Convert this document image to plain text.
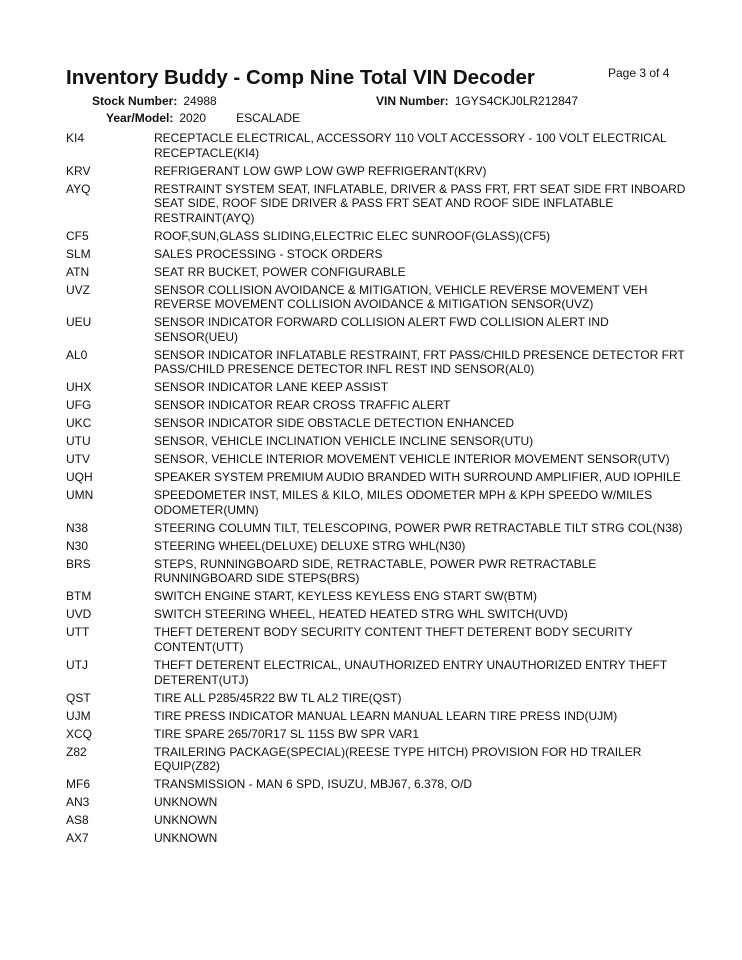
Inventory Buddy - Comp Nine Total VIN Decoder	Page 3 of 4
Stock Number: 24988	VIN Number: 1GYS4CKJ0LR212847
Year/Model: 2020	ESCALADE
KI4	RECEPTACLE ELECTRICAL, ACCESSORY 110 VOLT ACCESSORY - 100 VOLT ELECTRICAL RECEPTACLE(KI4)
KRV	REFRIGERANT LOW GWP LOW GWP REFRIGERANT(KRV)
AYQ	RESTRAINT SYSTEM SEAT, INFLATABLE, DRIVER & PASS FRT, FRT SEAT SIDE FRT INBOARD SEAT SIDE, ROOF SIDE DRIVER & PASS FRT SEAT AND ROOF SIDE INFLATABLE RESTRAINT(AYQ)
CF5	ROOF,SUN,GLASS SLIDING,ELECTRIC ELEC SUNROOF(GLASS)(CF5)
SLM	SALES PROCESSING - STOCK ORDERS
ATN	SEAT RR BUCKET, POWER CONFIGURABLE
UVZ	SENSOR COLLISION AVOIDANCE & MITIGATION, VEHICLE REVERSE MOVEMENT VEH REVERSE MOVEMENT COLLISION AVOIDANCE & MITIGATION SENSOR(UVZ)
UEU	SENSOR INDICATOR FORWARD COLLISION ALERT FWD COLLISION ALERT IND SENSOR(UEU)
AL0	SENSOR INDICATOR INFLATABLE RESTRAINT, FRT PASS/CHILD PRESENCE DETECTOR FRT PASS/CHILD PRESENCE DETECTOR INFL REST IND SENSOR(AL0)
UHX	SENSOR INDICATOR LANE KEEP ASSIST
UFG	SENSOR INDICATOR REAR CROSS TRAFFIC ALERT
UKC	SENSOR INDICATOR SIDE OBSTACLE DETECTION ENHANCED
UTU	SENSOR, VEHICLE INCLINATION VEHICLE INCLINE SENSOR(UTU)
UTV	SENSOR, VEHICLE INTERIOR MOVEMENT VEHICLE INTERIOR MOVEMENT SENSOR(UTV)
UQH	SPEAKER SYSTEM PREMIUM AUDIO BRANDED WITH SURROUND AMPLIFIER, AUD IOPHILE
UMN	SPEEDOMETER INST, MILES & KILO, MILES ODOMETER MPH & KPH SPEEDO W/MILES ODOMETER(UMN)
N38	STEERING COLUMN TILT, TELESCOPING, POWER PWR RETRACTABLE TILT STRG COL(N38)
N30	STEERING WHEEL(DELUXE) DELUXE STRG WHL(N30)
BRS	STEPS, RUNNINGBOARD SIDE, RETRACTABLE, POWER PWR RETRACTABLE RUNNINGBOARD SIDE STEPS(BRS)
BTM	SWITCH ENGINE START, KEYLESS KEYLESS ENG START SW(BTM)
UVD	SWITCH STEERING WHEEL, HEATED HEATED STRG WHL SWITCH(UVD)
UTT	THEFT DETERENT BODY SECURITY CONTENT THEFT DETERENT BODY SECURITY CONTENT(UTT)
UTJ	THEFT DETERENT ELECTRICAL, UNAUTHORIZED ENTRY UNAUTHORIZED ENTRY THEFT DETERENT(UTJ)
QST	TIRE ALL P285/45R22 BW TL AL2 TIRE(QST)
UJM	TIRE PRESS INDICATOR MANUAL LEARN MANUAL LEARN TIRE PRESS IND(UJM)
XCQ	TIRE SPARE 265/70R17 SL 115S BW SPR VAR1
Z82	TRAILERING PACKAGE(SPECIAL)(REESE TYPE HITCH) PROVISION FOR HD TRAILER EQUIP(Z82)
MF6	TRANSMISSION - MAN 6 SPD, ISUZU, MBJ67, 6.378, O/D
AN3	UNKNOWN
AS8	UNKNOWN
AX7	UNKNOWN
